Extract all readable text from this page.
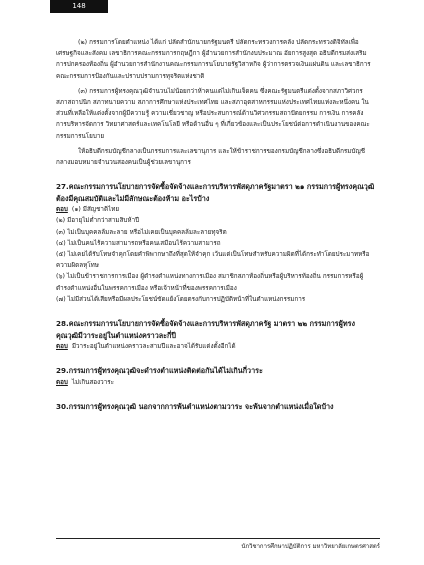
148

(๒) กรรมการโดยตำแหน่ง ได้แก่ ปลัดสำนักนายกรัฐมนตรี ปลัดกระทรวงการคลัง ปลัดกระทรวงดิจิทัลเพื่อเศรษฐกิจและสังคม เลขาธิการคณะกรรมการกฤษฎีกา ผู้อำนวยการสำนักงบประมาณ อัยการสูงสุด อธิบดีกรมส่งเสริมการปกครองท้องถิ่น ผู้อำนวยการสำนักงานคณะกรรมการนโยบายรัฐวิสาหกิจ ผู้ว่าการตรวจเงินแผ่นดิน และเลขาธิการคณะกรรมการป้องกันและปราบปรามการทุจริตแห่งชาติ

(๓) กรรมการผู้ทรงคุณวุฒิจำนวนไม่น้อยกว่าห้าคนแต่ไม่เกินเจ็ดคน ซึ่งคณะรัฐมนตรีแต่งตั้งจากสภาวิศวกร สภาสถาปนิก สภาทนายความ สภาการศึกษาแห่งประเทศไทย และสภาอุตสาหกรรมแห่งประเทศไทยแห่งละหนึ่งคน ในส่วนที่เหลือให้แต่งตั้งจากผู้มีความรู้ ความเชี่ยวชาญ หรือประสบการณ์ด้านวิศวกรรมสถาปัตยกรรม การเงิน การคลัง การบริหารจัดการ วิทยาศาสตร์และเทคโนโลยี หรือด้านอื่น ๆ ที่เกี่ยวข้องและเป็นประโยชน์ต่อการดำเนินงานของคณะกรรมการนโยบาย

ให้อธิบดีกรมบัญชีกลางเป็นกรรมการและเลขานุการ และให้ข้าราชการของกรมบัญชีกลางซึ่งอธิบดีกรมบัญชีกลางมอบหมายจำนวนสองคนเป็นผู้ช่วยเลขานุการ

27.คณะกรรมการนโยบายการจัดซื้อจัดจ้างและการบริหารพัสดุภาครัฐมาตรา ๒๑ กรรมการผู้ทรงคุณวุฒิต้องมีคุณสมบัติและไม่มีลักษณะต้องห้าม อะไรบ้าง

ตอบ (๑) มีสัญชาติไทย

(๒) มีอายุไม่ต่ำกว่าสามสิบห้าปี

(๓) ไม่เป็นบุคคลล้มละลาย หรือไม่เคยเป็นบุคคลล้มละลายทุจริต

(๔) ไม่เป็นคนไร้ความสามารถหรือคนเสมือนไร้ความสามารถ

(๕) ไม่เคยได้รับโทษจำคุกโดยคำพิพากษาถึงที่สุดให้จำคุก เว้นแต่เป็นโทษสำหรับความผิดที่ได้กระทำโดยประมาทหรือความผิดลหุโทษ

(๖) ไม่เป็นข้าราชการการเมือง ผู้ดำรงตำแหน่งทางการเมือง สมาชิกสภาท้องถิ่นหรือผู้บริหารท้องถิ่น กรรมการหรือผู้ดำรงตำแหน่งอื่นในพรรคการเมือง หรือเจ้าหน้าที่ของพรรคการเมือง

(๗) ไม่มีส่วนได้เสียหรือมีผลประโยชน์ขัดแย้งโดยตรงกับการปฏิบัติหน้าที่ในตำแหน่งกรรมการ

28.คณะกรรมการนโยบายการจัดซื้อจัดจ้างและการบริหารพัสดุภาครัฐ มาตรา ๒๒ กรรมการผู้ทรงคุณวุฒิมีวาระอยู่ในตำแหน่งคราวละกี่ปี

ตอบ มีวาระอยู่ในตำแหน่งคราวละสามปีและอาจได้รับแต่งตั้งอีกได้

29.กรรมการผู้ทรงคุณวุฒิจะดำรงตำแหน่งติดต่อกันได้ไม่เกินกี่วาระ

ตอบ ไม่เกินสองวาระ

30.กรรมการผู้ทรงคุณวุฒิ นอกจากการพ้นตำแหน่งตามวาระ จะพ้นจากตำแหน่งเมื่อใดบ้าง

นักวิชาการศึกษาปฏิบัติการ มหาวิทยาลัยเกษตรศาสตร์
